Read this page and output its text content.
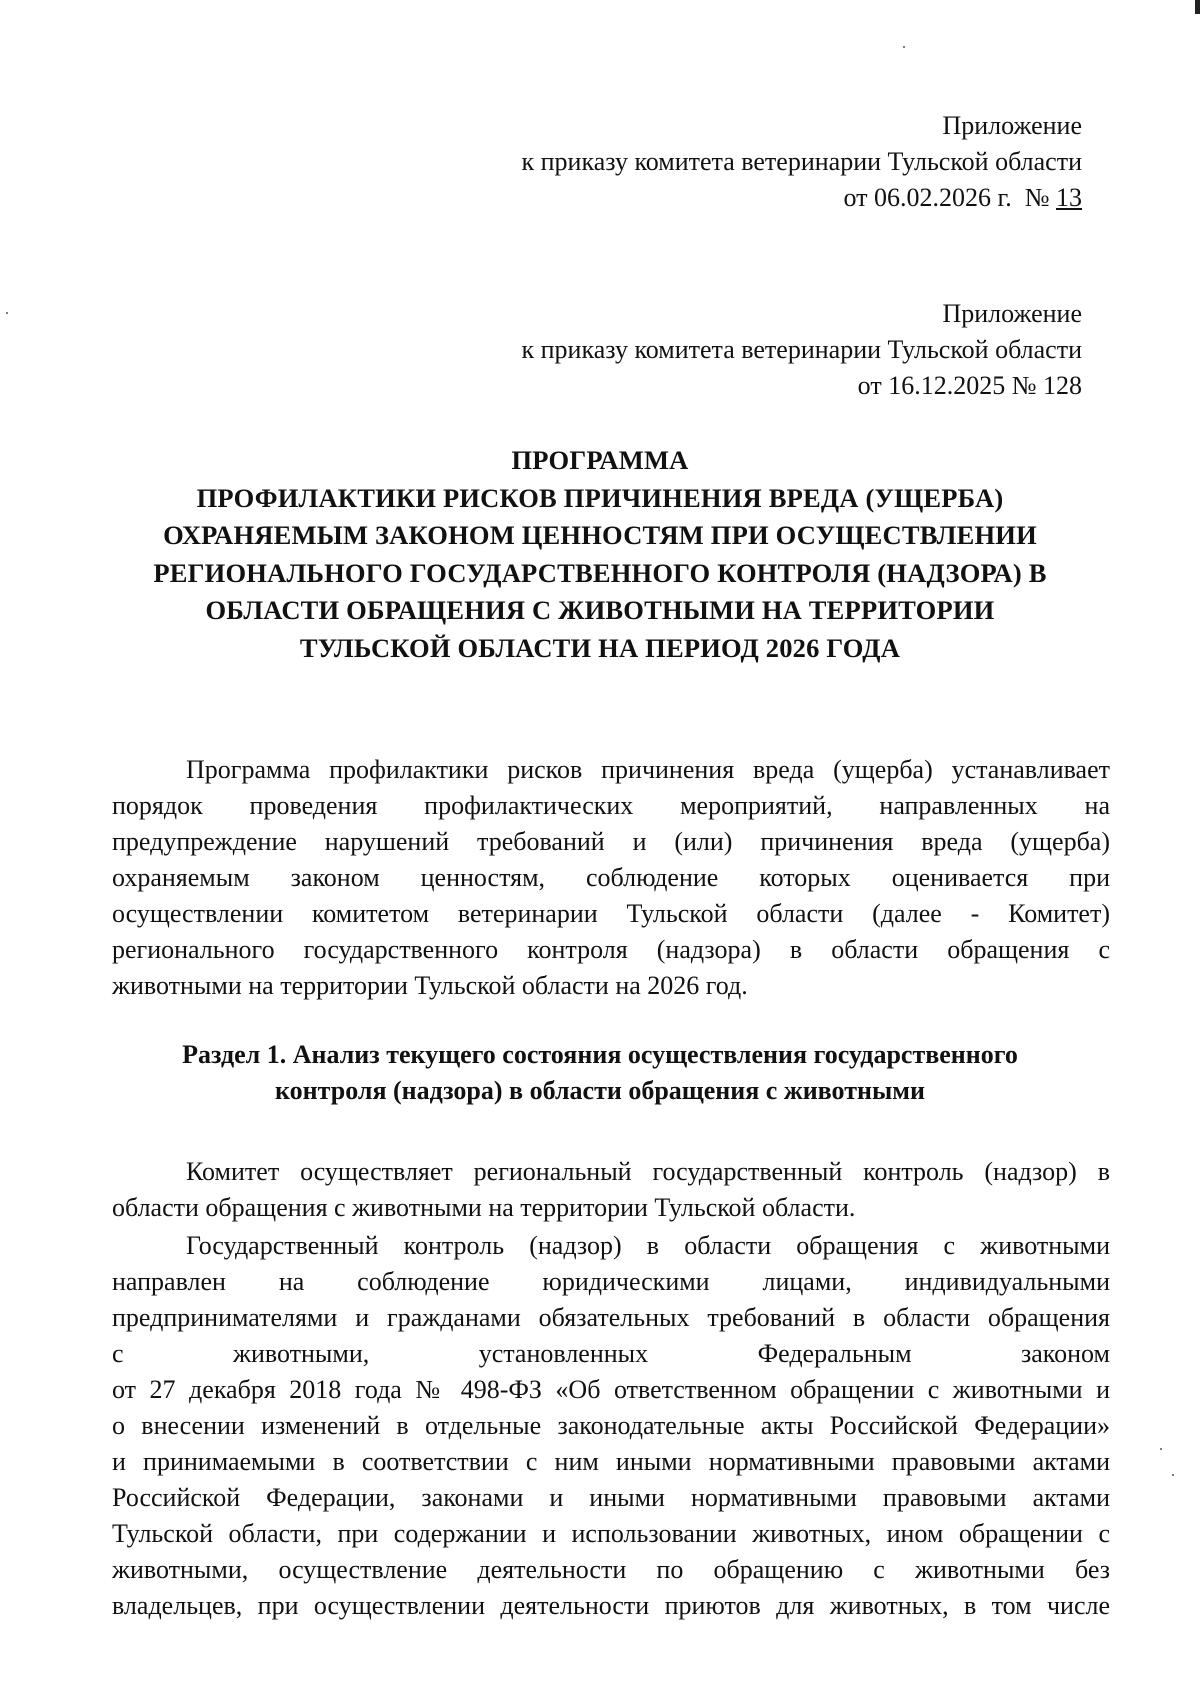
Приложение
к приказу комитета ветеринарии Тульской области
от 06.02.2026 г.  № 13
Приложение
к приказу комитета ветеринарии Тульской области
от 16.12.2025 № 128
ПРОГРАММА
ПРОФИЛАКТИКИ РИСКОВ ПРИЧИНЕНИЯ ВРЕДА (УЩЕРБА)
ОХРАНЯЕМЫМ ЗАКОНОМ ЦЕННОСТЯМ ПРИ ОСУЩЕСТВЛЕНИИ
РЕГИОНАЛЬНОГО ГОСУДАРСТВЕННОГО КОНТРОЛЯ (НАДЗОРА) В
ОБЛАСТИ ОБРАЩЕНИЯ С ЖИВОТНЫМИ НА ТЕРРИТОРИИ
ТУЛЬСКОЙ ОБЛАСТИ НА ПЕРИОД 2026 ГОДА
Программа профилактики рисков причинения вреда (ущерба) устанавливает
порядок проведения профилактических мероприятий, направленных на
предупреждение нарушений требований и (или) причинения вреда (ущерба)
охраняемым законом ценностям, соблюдение которых оценивается при
осуществлении комитетом ветеринарии Тульской области (далее - Комитет)
регионального государственного контроля (надзора) в области обращения с
животными на территории Тульской области на 2026 год.
Раздел 1. Анализ текущего состояния осуществления государственного
контроля (надзора) в области обращения с животными
Комитет осуществляет региональный государственный контроль (надзор) в
области обращения с животными на территории Тульской области.
Государственный контроль (надзор) в области обращения с животными
направлен на соблюдение юридическими лицами, индивидуальными
предпринимателями и гражданами обязательных требований в области обращения
с животными, установленных Федеральным законом
от 27 декабря 2018 года № 498-ФЗ «Об ответственном обращении с животными и
о внесении изменений в отдельные законодательные акты Российской Федерации»
и принимаемыми в соответствии с ним иными нормативными правовыми актами
Российской Федерации, законами и иными нормативными правовыми актами
Тульской области, при содержании и использовании животных, ином обращении с
животными, осуществление деятельности по обращению с животными без
владельцев, при осуществлении деятельности приютов для животных, в том числе
